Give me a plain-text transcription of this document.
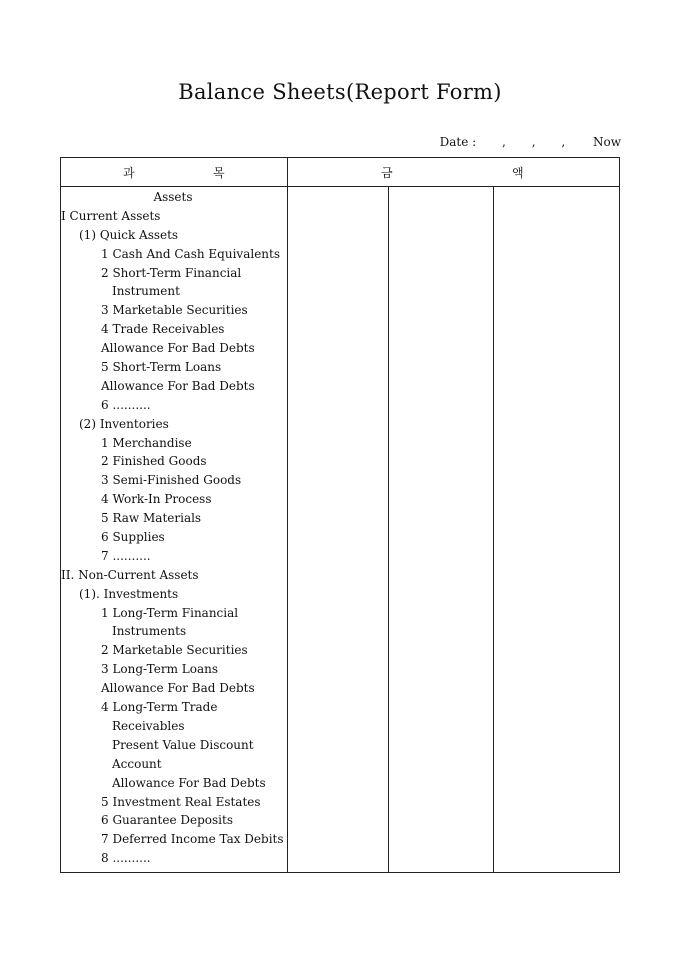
Balance Sheets(Report Form)
Date : , , , Now
과	목	금	액
Assets
I Current Assets
(1) Quick Assets
1 Cash And Cash Equivalents
2 Short-Term Financial
Instrument
3 Marketable Securities
4 Trade Receivables
Allowance For Bad Debts
5 Short-Term Loans
Allowance For Bad Debts
6 ..........
(2) Inventories
1 Merchandise
2 Finished Goods
3 Semi-Finished Goods
4 Work-In Process
5 Raw Materials
6 Supplies
7 ..........
II. Non-Current Assets
(1). Investments
1 Long-Term Financial
Instruments
2 Marketable Securities
3 Long-Term Loans
Allowance For Bad Debts
4 Long-Term Trade
Receivables
Present Value Discount
Account
Allowance For Bad Debts
5 Investment Real Estates
6 Guarantee Deposits
7 Deferred Income Tax Debits
8 ..........
